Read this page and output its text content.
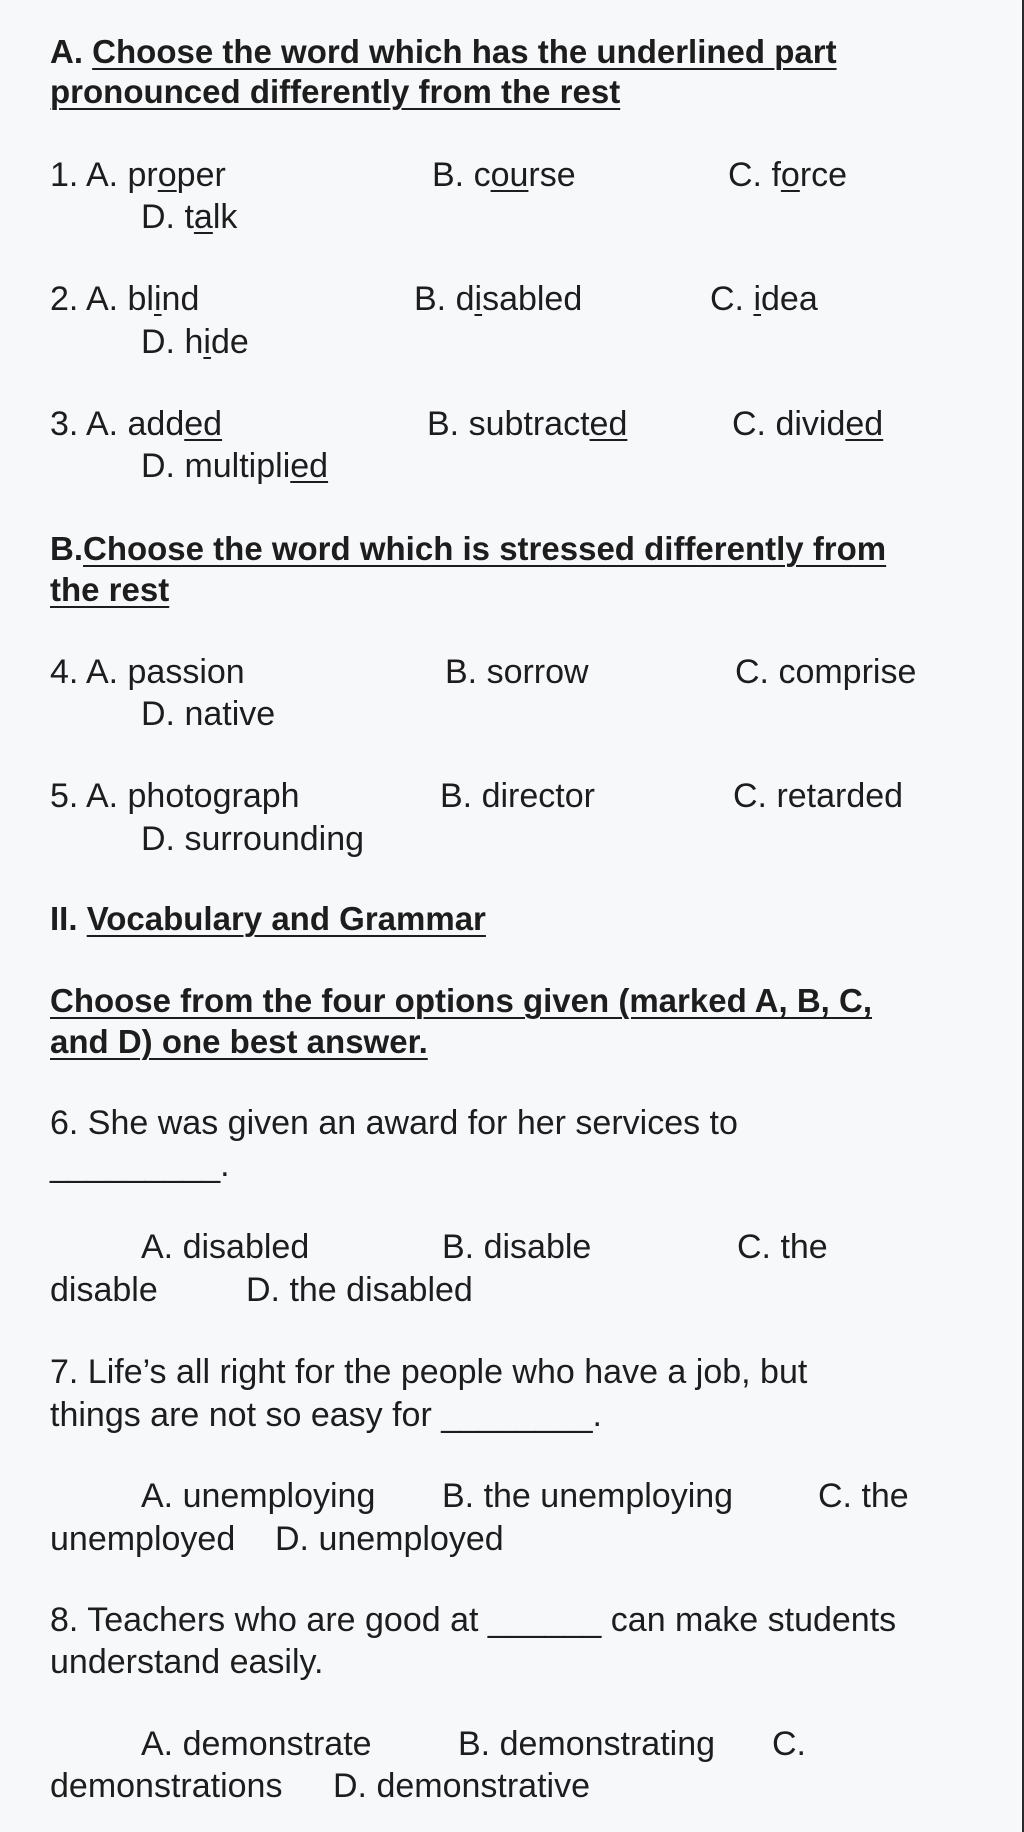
A. Choose the word which has the underlined part
pronounced differently from the rest
1. A. proper	B. course	C. force
D. talk
2. A. blind	B. disabled	C. idea
D. hide
3. A. added	B. subtracted	C. divided
D. multiplied
B.Choose the word which is stressed differently from
the rest
4. A. passion	B. sorrow	C. comprise
D. native
5. A. photograph	B. director	C. retarded
D. surrounding
II. Vocabulary and Grammar
Choose from the four options given (marked A, B, C,
and D) one best answer.
6. She was given an award for her services to
_________.
A. disabled	B. disable	C. the
disable	D. the disabled
7. Life’s all right for the people who have a job, but
things are not so easy for ________.
A. unemploying B. the unemploying C. the
unemployed D. unemployed
8. Teachers who are good at ______ can make students
understand easily.
A. demonstrate	B. demonstrating C.
demonstrations D. demonstrative
